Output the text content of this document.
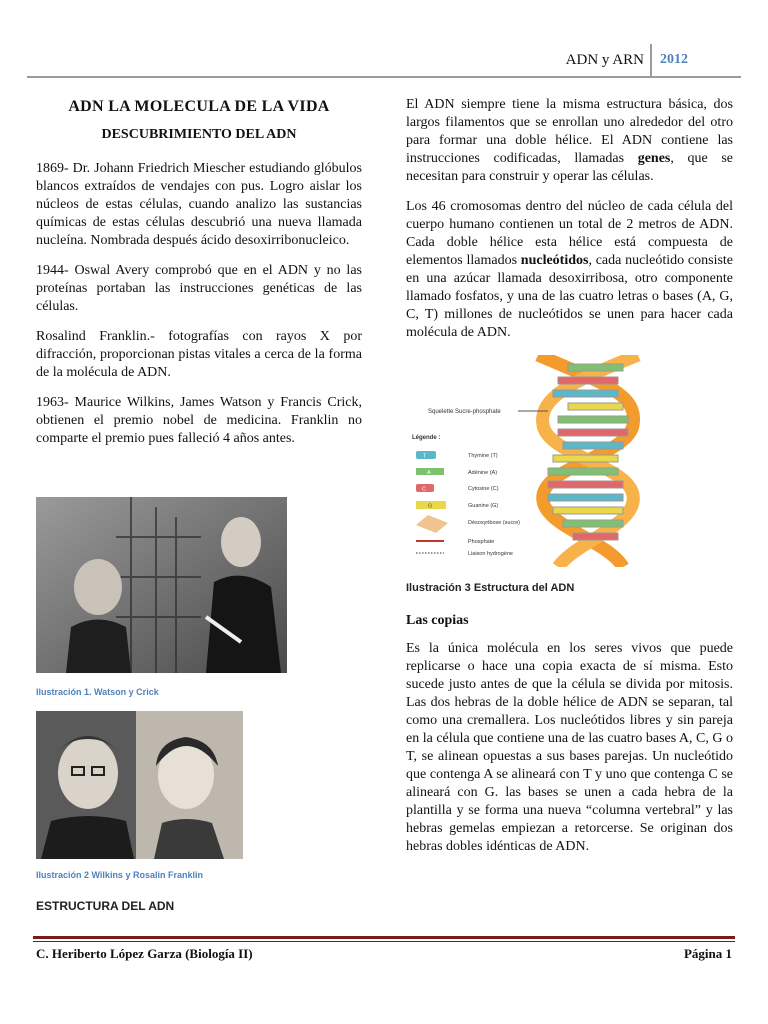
ADN y ARN 2012
ADN LA MOLECULA DE LA VIDA
DESCUBRIMIENTO DEL ADN

1869- Dr. Johann Friedrich Miescher estudiando glóbulos blancos extraídos de vendajes con pus. Logro aislar los núcleos de estas células, cuando analizo las sustancias químicas de estas células descubrió una nueva llamada nucleína. Nombrada después ácido desoxirribonucleico.

1944- Oswal Avery comprobó que en el ADN y no las proteínas portaban las instrucciones genéticas de las células.

Rosalind Franklin.- fotografías con rayos X por difracción, proporcionan pistas vitales a cerca de la forma de la molécula de ADN.

1963- Maurice Wilkins, James Watson y Francis Crick, obtienen el premio nobel de medicina. Franklin no comparte el premio pues falleció 4 años antes.

Ilustración 1. Watson y Crick
Ilustración 2 Wilkins y Rosalin Franklin
ESTRUCTURA DEL ADN

El ADN siempre tiene la misma estructura básica, dos largos filamentos que se enrollan uno alrededor del otro para formar una doble hélice. El ADN contiene las instrucciones codificadas, llamadas genes, que se necesitan para construir y operar las células.

Los 46 cromosomas dentro del núcleo de cada célula del cuerpo humano contienen un total de 2 metros de ADN. Cada doble hélice esta hélice está compuesta de elementos llamados nucleótidos, cada nucleótido consiste en una azúcar llamada desoxirribosa, otro componente llamado fosfatos, y una de las cuatro letras o bases (A, G, C, T) millones de nucleótidos se unen para hacer cada molécula de ADN.

Squelette Sucre-phosphate
Légende :
T	Thymine (T)
A	Adénine (A)
C	Cytosine (C)
G	Guanine (G)
Désoxyribose (sucre)
Phosphate
Liaison hydrogène
Ilustración 3 Estructura del ADN
Las copias

Es la única molécula en los seres vivos que puede replicarse o hace una copia exacta de sí misma. Esto sucede justo antes de que la célula se divida por mitosis. Las dos hebras de la doble hélice de ADN se separan, tal como una cremallera. Los nucleótidos libres y sin pareja en la célula que contiene una de las cuatro bases A, C, G o T, se alinean opuestas a sus bases parejas. Un nucleótido que contenga A se alineará con T y uno que contenga C se alineará con G. las bases se unen a cada hebra de la plantilla y se forma una nueva “columna vertebral” y las hebras gemelas empiezan a retorcerse. Se originan dos hebras dobles idénticas de ADN.

C. Heriberto López Garza (Biología II)	Página 1
